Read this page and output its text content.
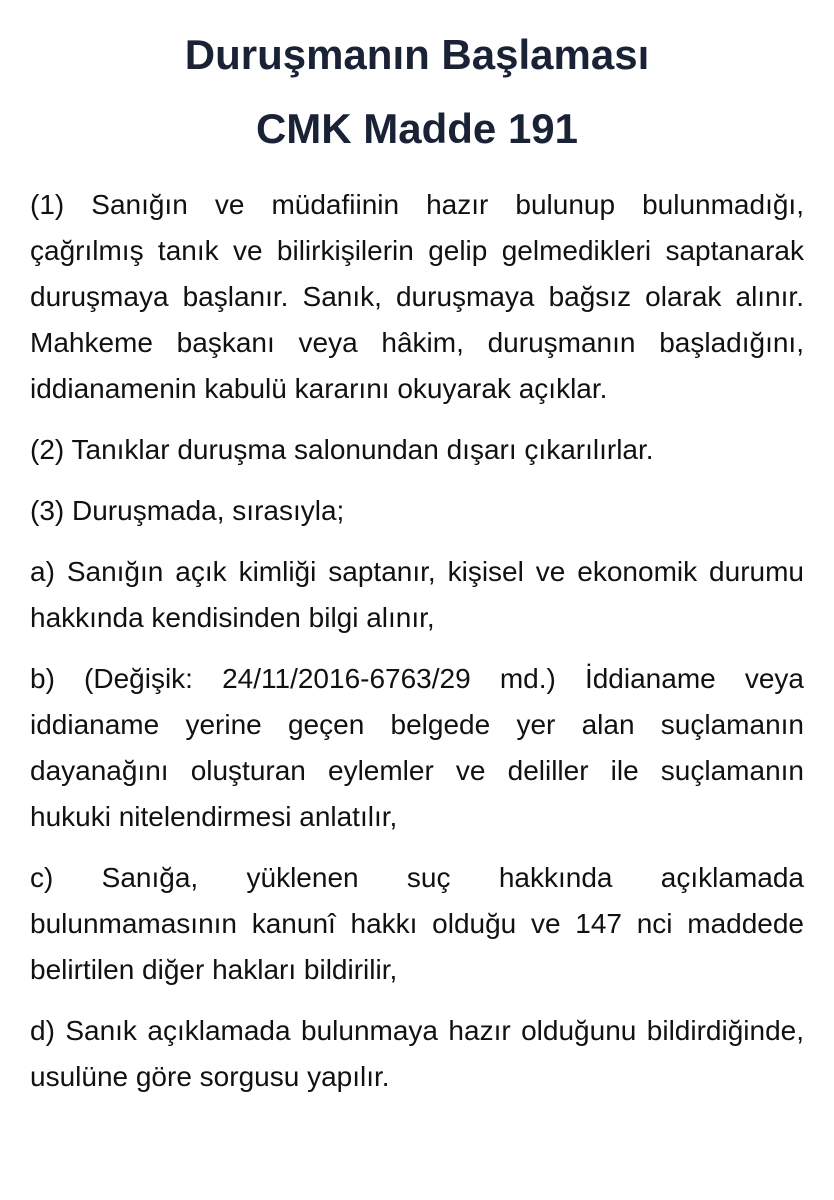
Duruşmanın Başlaması
CMK Madde 191

(1) Sanığın ve müdafiinin hazır bulunup bulunmadığı, çağrılmış tanık ve bilirkişilerin gelip gelmedikleri saptanarak duruşmaya başlanır. Sanık, duruşmaya bağsız olarak alınır. Mahkeme başkanı veya hâkim, duruşmanın başladığını, iddianamenin kabulü kararını okuyarak açıklar.

(2) Tanıklar duruşma salonundan dışarı çıkarılırlar.

(3) Duruşmada, sırasıyla;

a) Sanığın açık kimliği saptanır, kişisel ve ekonomik durumu hakkında kendisinden bilgi alınır,

b) (Değişik: 24/11/2016-6763/29 md.) İddianame veya iddianame yerine geçen belgede yer alan suçlamanın dayanağını oluşturan eylemler ve deliller ile suçlamanın hukuki nitelendirmesi anlatılır,

c) Sanığa, yüklenen suç hakkında açıklamada bulunmamasının kanunî hakkı olduğu ve 147 nci maddede belirtilen diğer hakları bildirilir,

d) Sanık açıklamada bulunmaya hazır olduğunu bildirdiğinde, usulüne göre sorgusu yapılır.
